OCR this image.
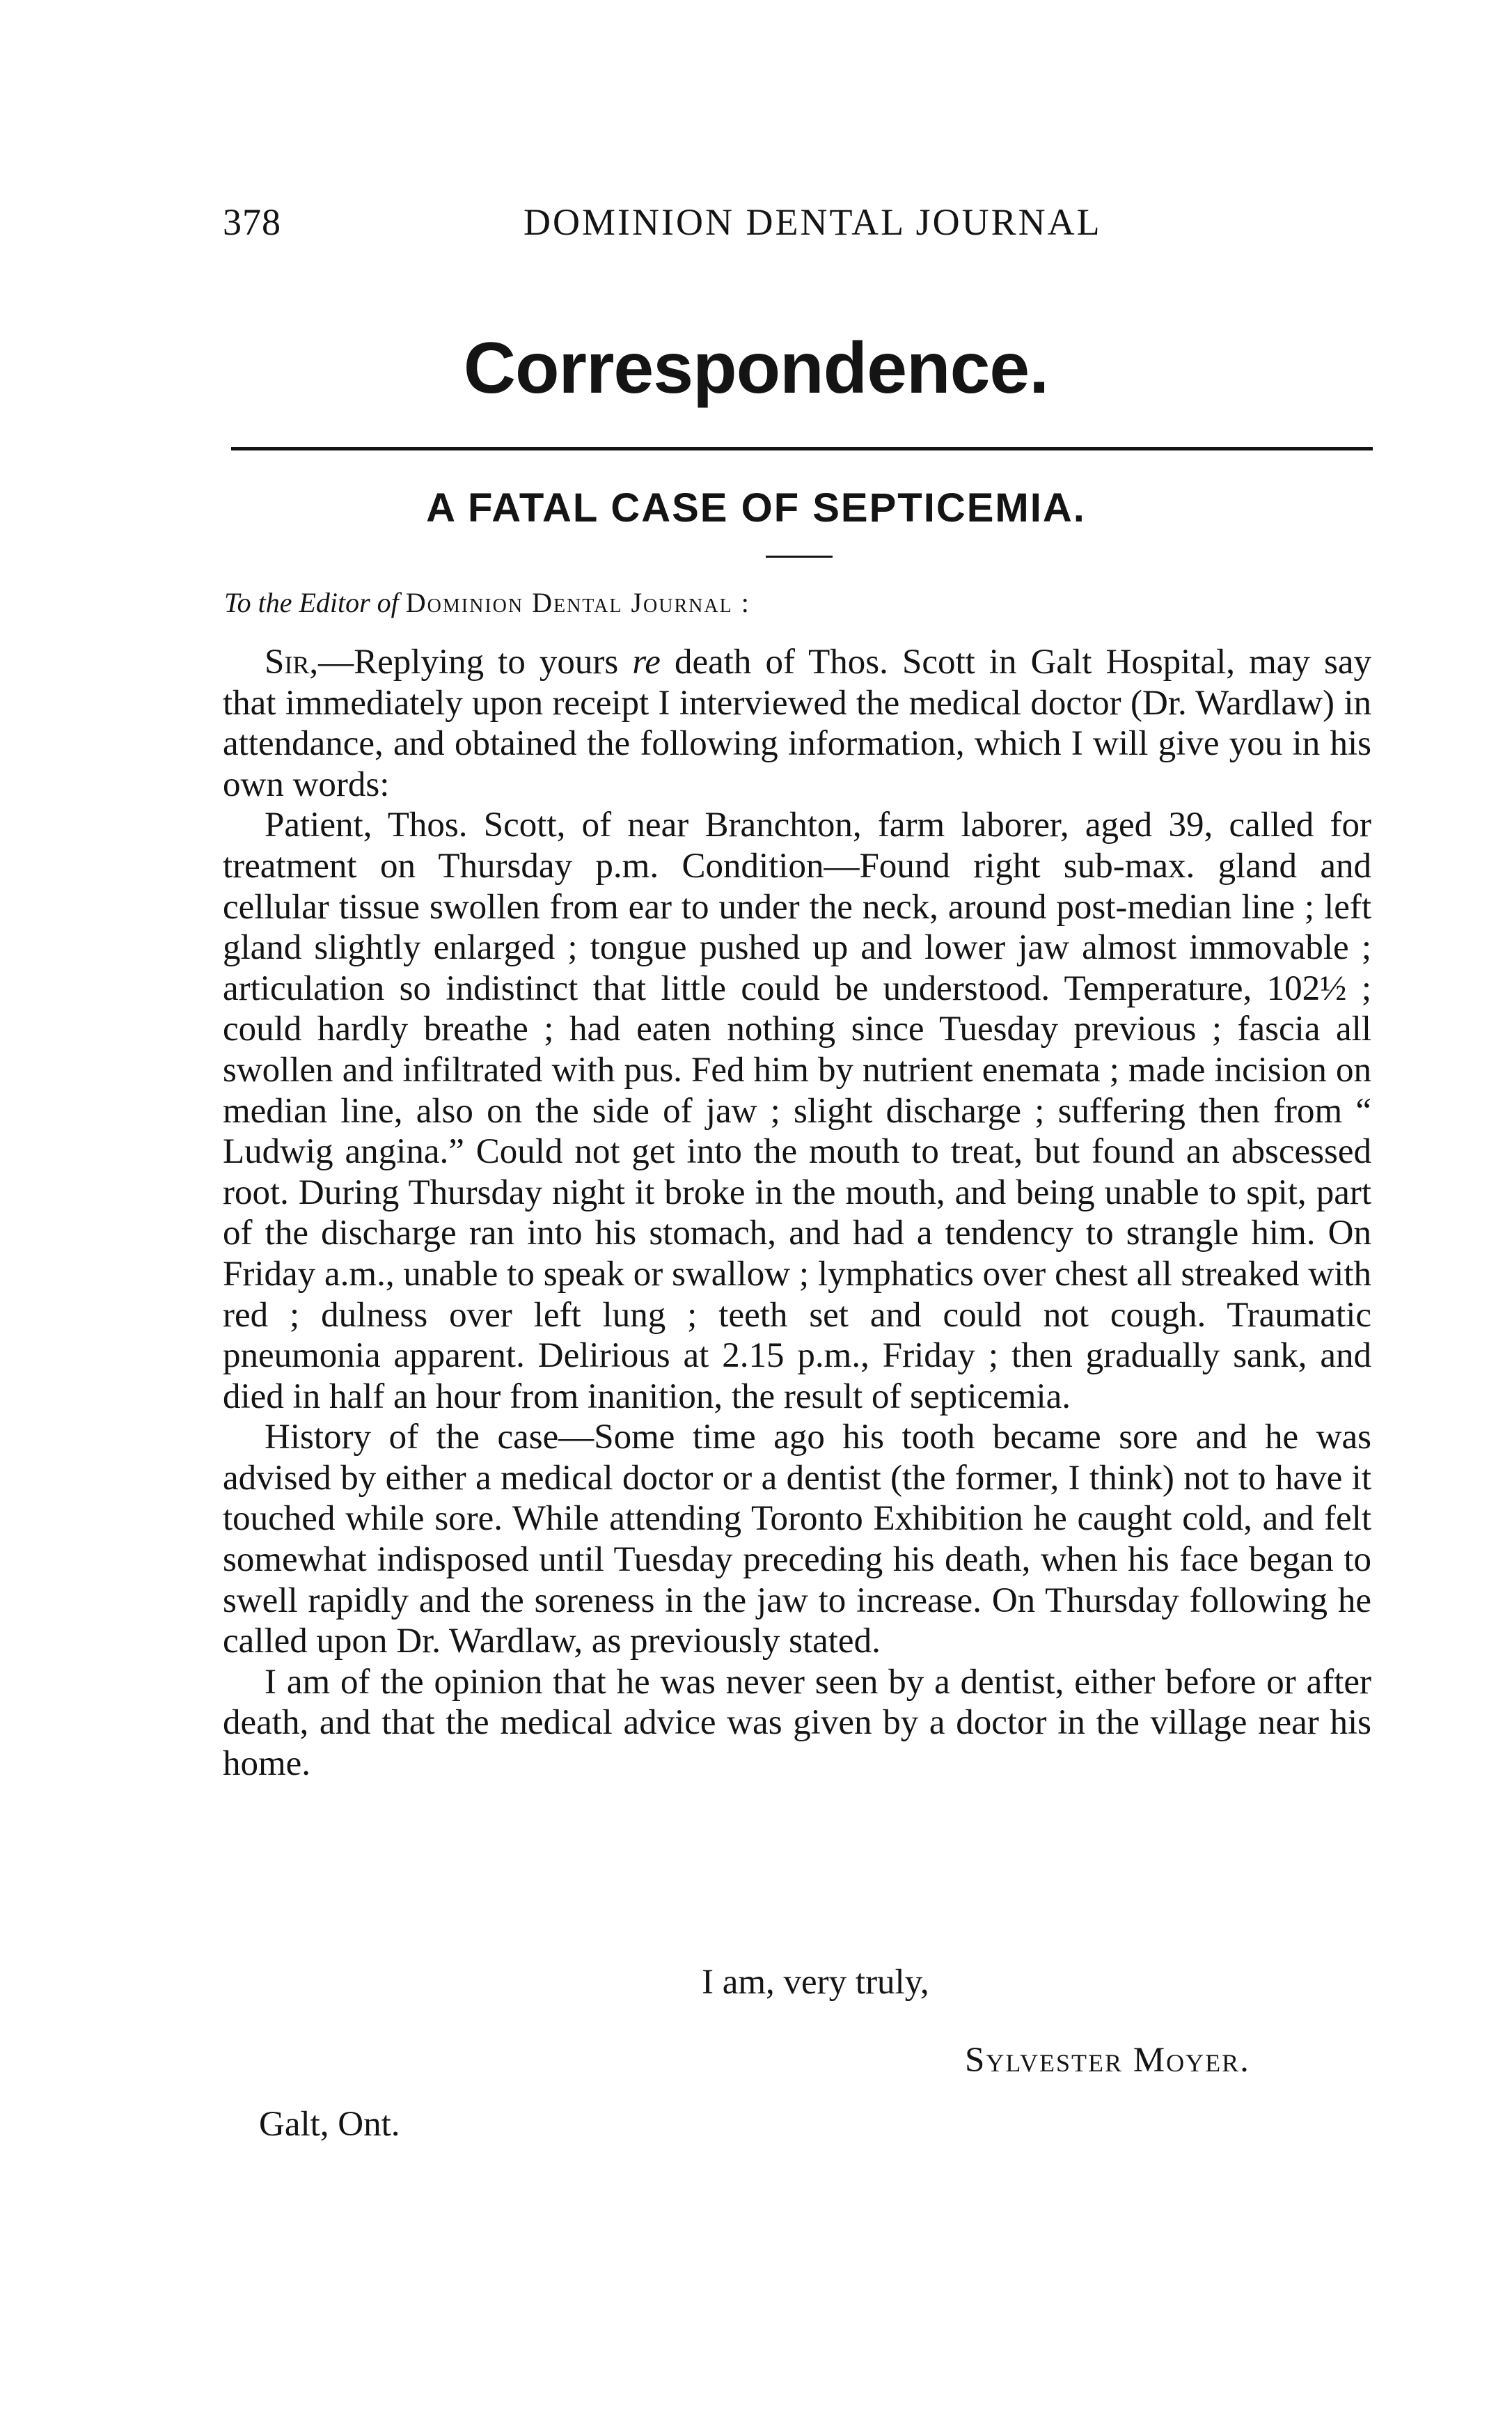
378	DOMINION DENTAL JOURNAL
Correspondence.
A FATAL CASE OF SEPTICEMIA.
To the Editor of Dominion Dental Journal :

Sir,—Replying to yours re death of Thos. Scott in Galt Hospital, may say that immediately upon receipt I interviewed the medical doctor (Dr. Wardlaw) in attendance, and obtained the following information, which I will give you in his own words:

Patient, Thos. Scott, of near Branchton, farm laborer, aged 39, called for treatment on Thursday p.m. Condition—Found right sub-max. gland and cellular tissue swollen from ear to under the neck, around post-median line ; left gland slightly enlarged ; tongue pushed up and lower jaw almost immovable ; articulation so indistinct that little could be understood. Temperature, 102½ ; could hardly breathe ; had eaten nothing since Tuesday previous ; fascia all swollen and infiltrated with pus. Fed him by nutrient enemata ; made incision on median line, also on the side of jaw ; slight discharge ; suffering then from “ Ludwig angina.” Could not get into the mouth to treat, but found an abscessed root. During Thursday night it broke in the mouth, and being unable to spit, part of the discharge ran into his stomach, and had a tendency to strangle him. On Friday a.m., unable to speak or swallow ; lymphatics over chest all streaked with red ; dulness over left lung ; teeth set and could not cough. Traumatic pneumonia apparent. Delirious at 2.15 p.m., Friday ; then gradually sank, and died in half an hour from inanition, the result of septicemia.

History of the case—Some time ago his tooth became sore and he was advised by either a medical doctor or a dentist (the former, I think) not to have it touched while sore. While attending Toronto Exhibition he caught cold, and felt somewhat indisposed until Tuesday preceding his death, when his face began to swell rapidly and the soreness in the jaw to increase. On Thursday following he called upon Dr. Wardlaw, as previously stated.

I am of the opinion that he was never seen by a dentist, either before or after death, and that the medical advice was given by a doctor in the village near his home.

I am, very truly,
Sylvester Moyer.
Galt, Ont.
